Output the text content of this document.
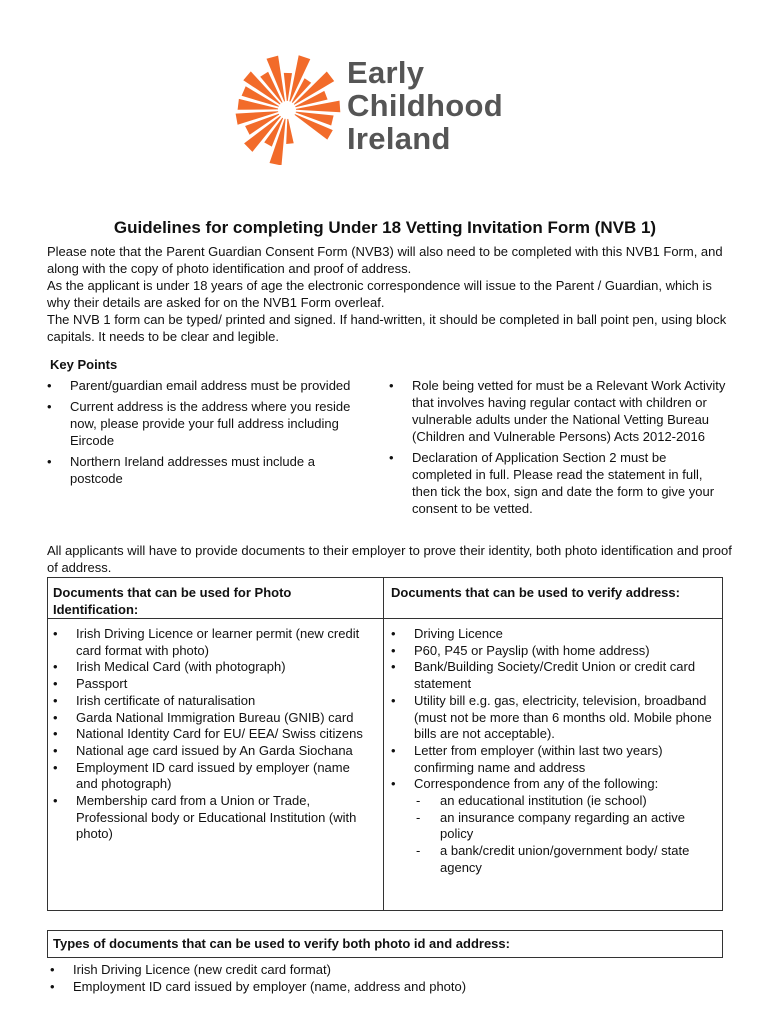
Early
Childhood
Ireland
Guidelines for completing Under 18 Vetting Invitation Form (NVB 1)

Please note that the Parent Guardian Consent Form (NVB3) will also need to be completed with this NVB1 Form, and along with the copy of photo identification and proof of address.

As the applicant is under 18 years of age the electronic correspondence will issue to the Parent / Guardian, which is why their details are asked for on the NVB1 Form overleaf.

The NVB 1 form can be typed/ printed and signed. If hand-written, it should be completed in ball point pen, using block capitals. It needs to be clear and legible.

Key Points
• Parent/guardian email address must be provided
• Current address is the address where you reside now, please provide your full address including Eircode
• Northern Ireland addresses must include a postcode
• Role being vetted for must be a Relevant Work Activity that involves having regular contact with children or vulnerable adults under the National Vetting Bureau (Children and Vulnerable Persons) Acts 2012-2016
• Declaration of Application Section 2 must be completed in full. Please read the statement in full, then tick the box, sign and date the form to give your consent to be vetted.

All applicants will have to provide documents to their employer to prove their identity, both photo identification and proof of address.

Documents that can be used for Photo Identification:
Documents that can be used to verify address:
• Irish Driving Licence or learner permit (new credit card format with photo)
• Irish Medical Card (with photograph)
• Passport
• Irish certificate of naturalisation
• Garda National Immigration Bureau (GNIB) card
• National Identity Card for EU/ EEA/ Swiss citizens
• National age card issued by An Garda Siochana
• Employment ID card issued by employer (name and photograph)
• Membership card from a Union or Trade, Professional body or Educational Institution (with photo)
• Driving Licence
• P60, P45 or Payslip (with home address)
• Bank/Building Society/Credit Union or credit card statement
• Utility bill e.g. gas, electricity, television, broadband (must not be more than 6 months old. Mobile phone bills are not acceptable).
• Letter from employer (within last two years) confirming name and address
• Correspondence from any of the following:
- an educational institution (ie school)
- an insurance company regarding an active policy
- a bank/credit union/government body/ state agency
Types of documents that can be used to verify both photo id and address:
• Irish Driving Licence (new credit card format)
• Employment ID card issued by employer (name, address and photo)
